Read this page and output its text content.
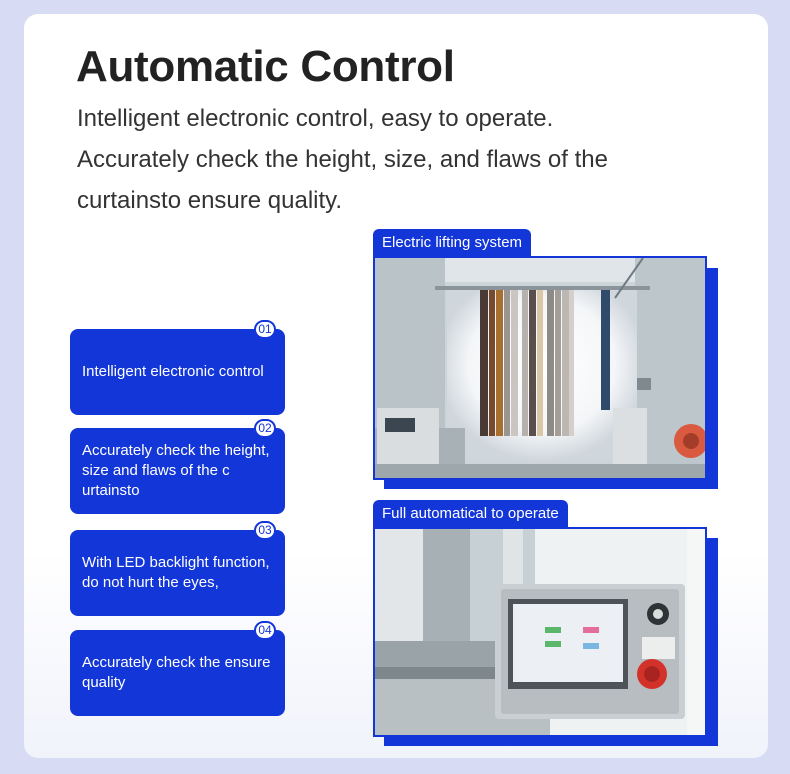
Automatic Control

Intelligent electronic control, easy to operate.
Accurately check the height, size, and flaws of the
curtainsto ensure quality.

01
Intelligent electronic control
02
Accurately check the height, size and flaws of the c urtainsto
03
With LED backlight function, do not hurt the eyes,
04
Accurately check the ensure quality
Electric lifting system
Full automatical to operate
